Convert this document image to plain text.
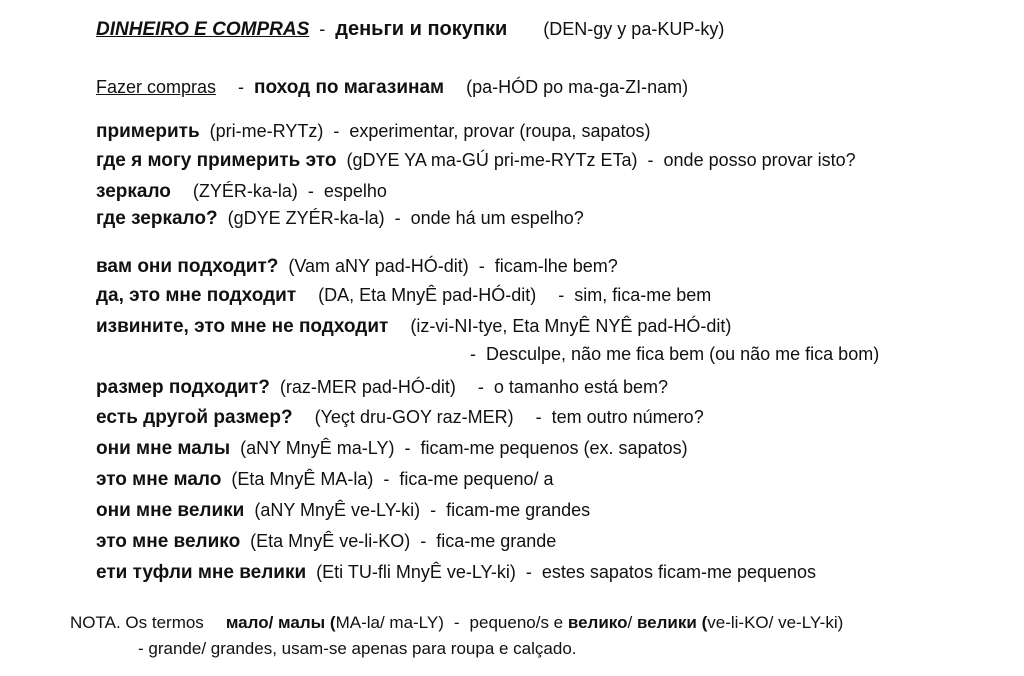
DINHEIRO E COMPRAS - деньги и покупки (DEN-gy y pa-KUP-ky)
Fazer compras - поход по магазинам (pa-HÓD po ma-ga-ZI-nam)
примерить (pri-me-RYTz) - experimentar, provar (roupa, sapatos)
где я могу примерить это (gDYE YA ma-GÚ pri-me-RYTz ETa) - onde posso provar isto?
зеркало (ZYÉR-ka-la) - espelho
где зеркало? (gDYE ZYÉR-ka-la) - onde há um espelho?
вам они подходит? (Vam aNY pad-HÓ-dit) - ficam-lhe bem?
да, это мне подходит (DA, Eta MnyÊ pad-HÓ-dit) - sim, fica-me bem
извините, это мне не подходит (iz-vi-NI-tye, Eta MnyÊ NYÊ pad-HÓ-dit)
- Desculpe, não me fica bem (ou não me fica bom)
размер подходит? (raz-MER pad-HÓ-dit) - o tamanho está bem?
есть другой размер? (Yeçt dru-GOY raz-MER) - tem outro número?
они мне малы (aNY MnyÊ ma-LY) - ficam-me pequenos (ex. sapatos)
это мне мало (Eta MnyÊ MA-la) - fica-me pequeno/ a
они мне велики (aNY MnyÊ ve-LY-ki) - ficam-me grandes
это мне велико (Eta MnyÊ ve-li-KO) - fica-me grande
ети туфли мне велики (Eti TU-fli MnyÊ ve-LY-ki) - estes sapatos ficam-me pequenos
NOTA. Os termos мало/ малы (MA-la/ ma-LY) - pequeno/s e велико/ велики (ve-li-KO/ ve-LY-ki)
- grande/ grandes, usam-se apenas para roupa e calçado.
